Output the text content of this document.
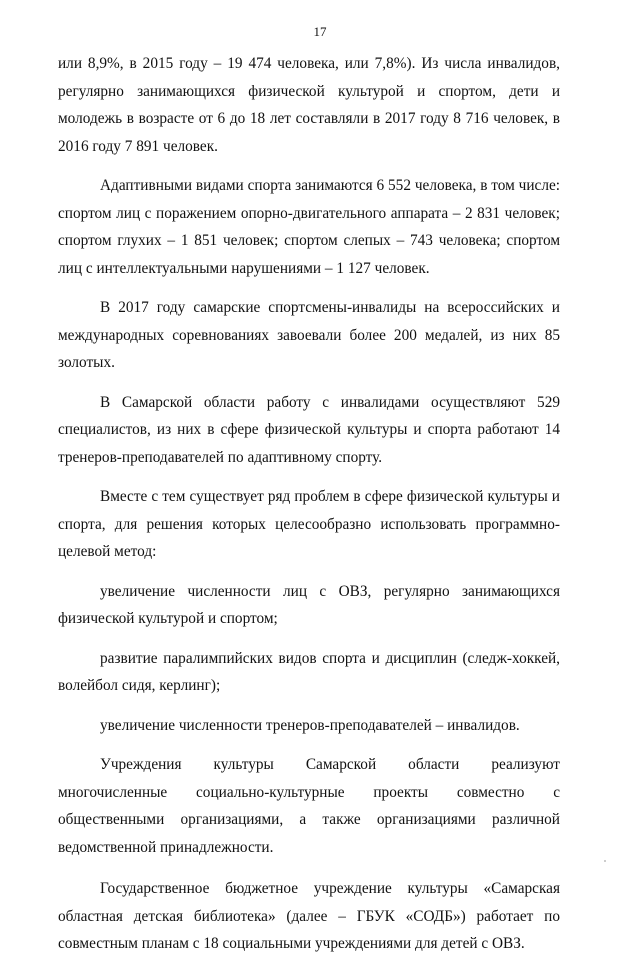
17

или 8,9%, в 2015 году – 19 474 человека, или 7,8%). Из числа инвалидов, регулярно занимающихся физической культурой и спортом, дети и молодежь в возрасте от 6 до 18 лет составляли в 2017 году 8 716 человек, в 2016 году 7 891 человек.

Адаптивными видами спорта занимаются 6 552 человека, в том числе: спортом лиц с поражением опорно-двигательного аппарата – 2 831 человек; спортом глухих – 1 851 человек; спортом слепых – 743 человека; спортом лиц с интеллектуальными нарушениями – 1 127 человек.

В 2017 году самарские спортсмены-инвалиды на всероссийских и международных соревнованиях завоевали более 200 медалей, из них 85 золотых.

В Самарской области работу с инвалидами осуществляют 529 специалистов, из них в сфере физической культуры и спорта работают 14 тренеров-преподавателей по адаптивному спорту.

Вместе с тем существует ряд проблем в сфере физической культуры и спорта, для решения которых целесообразно использовать программно-целевой метод:

увеличение численности лиц с ОВЗ, регулярно занимающихся физической культурой и спортом;

развитие паралимпийских видов спорта и дисциплин (следж-хоккей, волейбол сидя, керлинг);

увеличение численности тренеров-преподавателей – инвалидов.

Учреждения культуры Самарской области реализуют многочисленные социально-культурные проекты совместно с общественными организациями, а также организациями различной ведомственной принадлежности.

Государственное бюджетное учреждение культуры «Самарская областная детская библиотека» (далее – ГБУК «СОДБ») работает по совместным планам с 18 социальными учреждениями для детей с ОВЗ.
